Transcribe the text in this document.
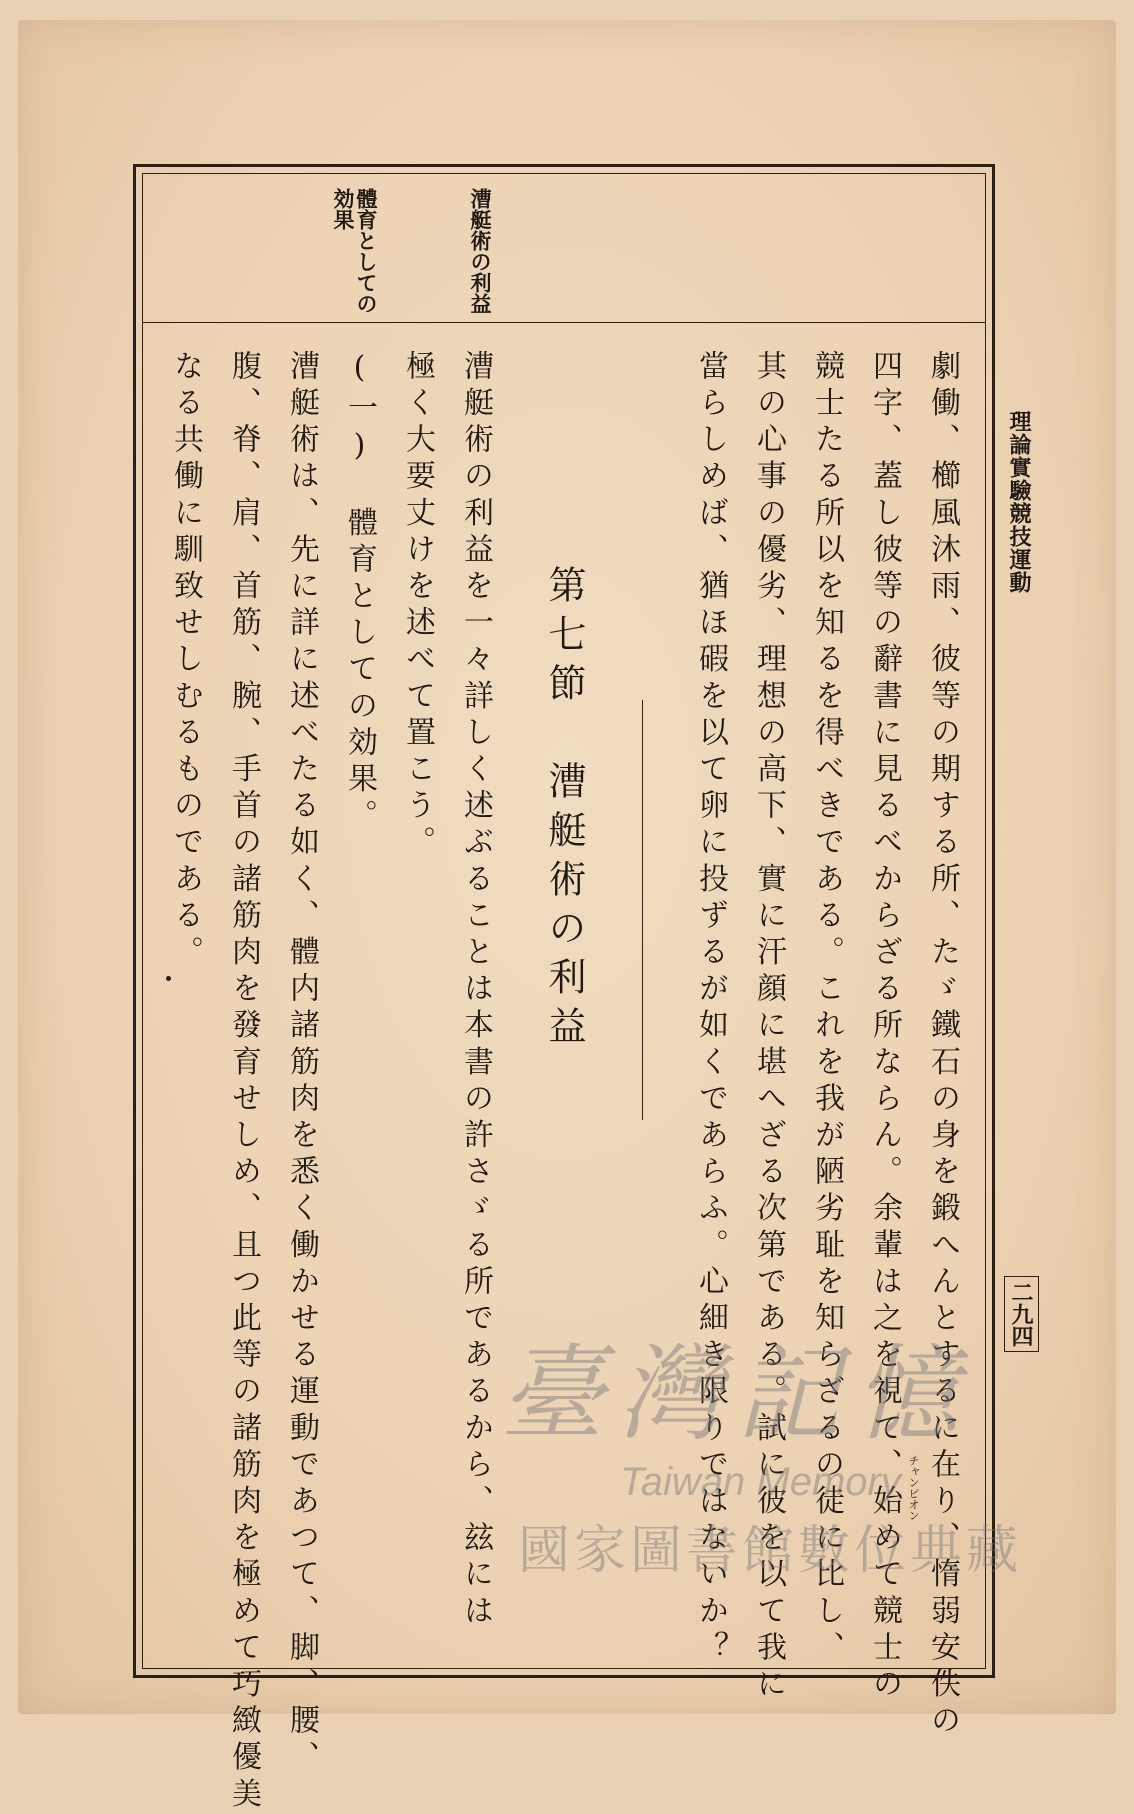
理論實驗競技運動
二九四
漕艇術の利益
體育としての
効果
劇働、櫛風沐雨、彼等の期する所、たゞ鐵石の身を鍛へんとするに在り、惰弱安佚の
四字、蓋し彼等の辭書に見るべからざる所ならん。余輩は之を視て、始めて競士の
競士たる所以を知るを得べきである。これを我が陋劣耻を知らざるの徒に比し、
其の心事の優劣、理想の高下、實に汗顔に堪へざる次第である。試に彼を以て我に
當らしめば、猶ほ碬を以て卵に投ずるが如くであらふ。心細き限りではないか？	チャンピオン
第七節　漕艇術の利益
漕艇術の利益を一々詳しく述ぶることは本書の許さゞる所であるから、玆には
極く大要丈けを述べて置こう。
(一)　體育としての効果。
漕艇術は、先に詳に述べたる如く、體内諸筋肉を悉く働かせる運動であつて、脚、腰、
腹、脊、肩、首筋、腕、手首の諸筋肉を發育せしめ、且つ此等の諸筋肉を極めて巧緻優美
なる共働に馴致せしむるものである。
臺灣記憶
Taiwan Memory
國家圖書館數位典藏
